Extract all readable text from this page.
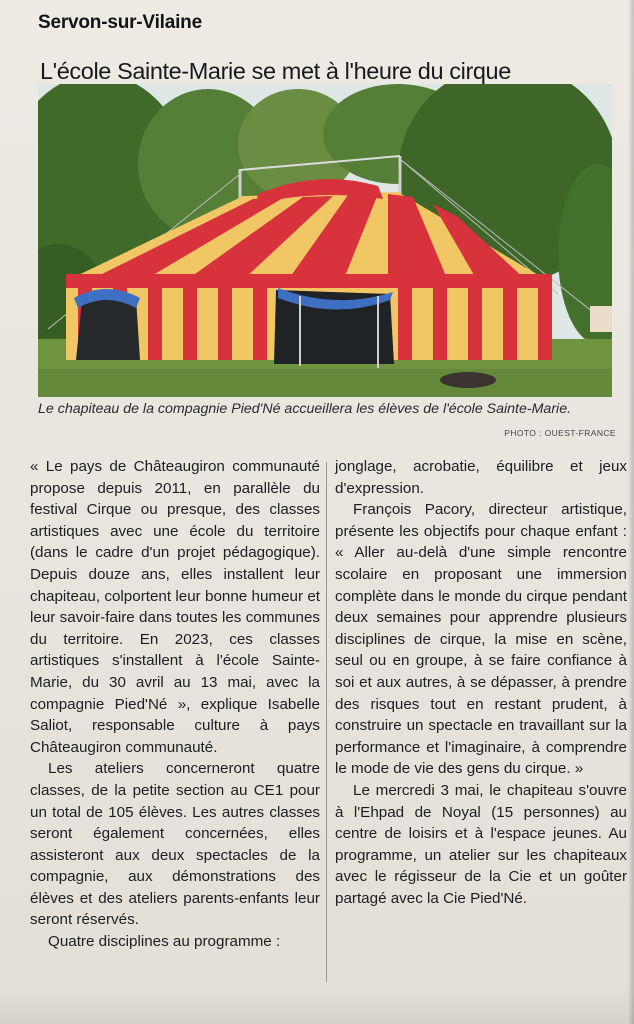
Servon-sur-Vilaine
L'école Sainte-Marie se met à l'heure du cirque
Le chapiteau de la compagnie Pied'Né accueillera les élèves de l'école Sainte-Marie.
PHOTO : OUEST-FRANCE

« Le pays de Châteaugiron communauté propose depuis 2011, en parallèle du festival Cirque ou presque, des classes artistiques avec une école du territoire (dans le cadre d'un projet pédagogique). Depuis douze ans, elles installent leur chapiteau, colportent leur bonne humeur et leur savoir-faire dans toutes les communes du territoire. En 2023, ces classes artistiques s'installent à l'école Sainte-Marie, du 30 avril au 13 mai, avec la compagnie Pied'Né », explique Isabelle Saliot, responsable culture à pays Châteaugiron communauté.

Les ateliers concerneront quatre classes, de la petite section au CE1 pour un total de 105 élèves. Les autres classes seront également concernées, elles assisteront aux deux spectacles de la compagnie, aux démonstrations des élèves et des ateliers parents-enfants leur seront réservés.

Quatre disciplines au programme :

jonglage, acrobatie, équilibre et jeux d'expression.

François Pacory, directeur artistique, présente les objectifs pour chaque enfant : « Aller au-delà d'une simple rencontre scolaire en proposant une immersion complète dans le monde du cirque pendant deux semaines pour apprendre plusieurs disciplines de cirque, la mise en scène, seul ou en groupe, à se faire confiance à soi et aux autres, à se dépasser, à prendre des risques tout en restant prudent, à construire un spectacle en travaillant sur la performance et l'imaginaire, à comprendre le mode de vie des gens du cirque. »

Le mercredi 3 mai, le chapiteau s'ouvre à l'Ehpad de Noyal (15 personnes) au centre de loisirs et à l'espace jeunes. Au programme, un atelier sur les chapiteaux avec le régisseur de la Cie et un goûter partagé avec la Cie Pied'Né.
